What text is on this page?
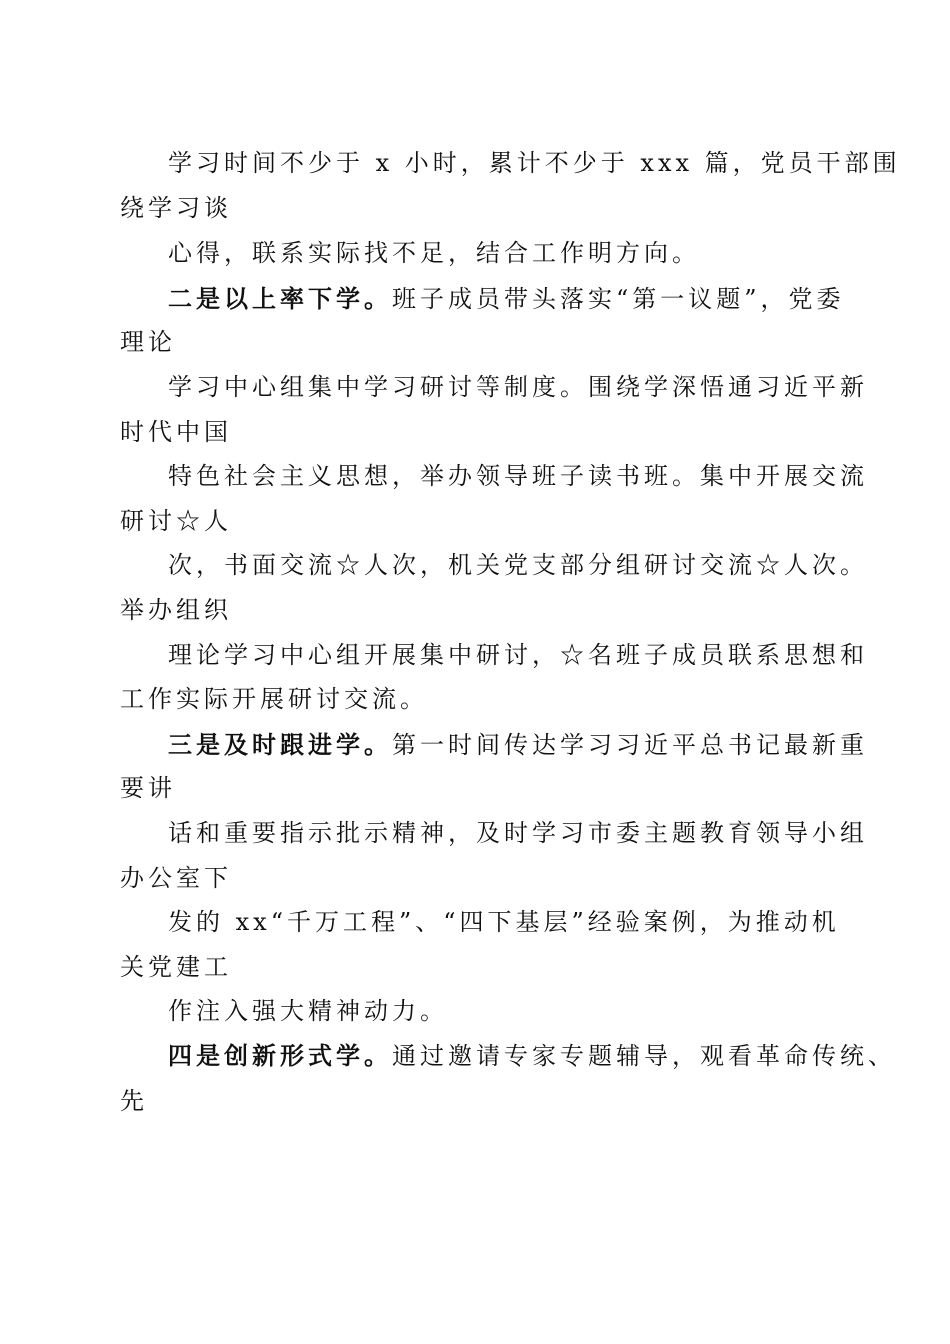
学习时间不少于 x 小时，累计不少于 xxx 篇，党员干部围
绕学习谈
心得，联系实际找不足，结合工作明方向。
二是以上率下学。班子成员带头落实“第一议题”，党委
理论
学习中心组集中学习研讨等制度。围绕学深悟通习近平新
时代中国
特色社会主义思想，举办领导班子读书班。集中开展交流
研讨☆人
次，书面交流☆人次，机关党支部分组研讨交流☆人次。
举办组织
理论学习中心组开展集中研讨，☆名班子成员联系思想和
工作实际开展研讨交流。
三是及时跟进学。第一时间传达学习习近平总书记最新重
要讲
话和重要指示批示精神，及时学习市委主题教育领导小组
办公室下
发的 xx“千万工程”、“四下基层”经验案例，为推动机
关党建工
作注入强大精神动力。
四是创新形式学。通过邀请专家专题辅导，观看革命传统、
先
